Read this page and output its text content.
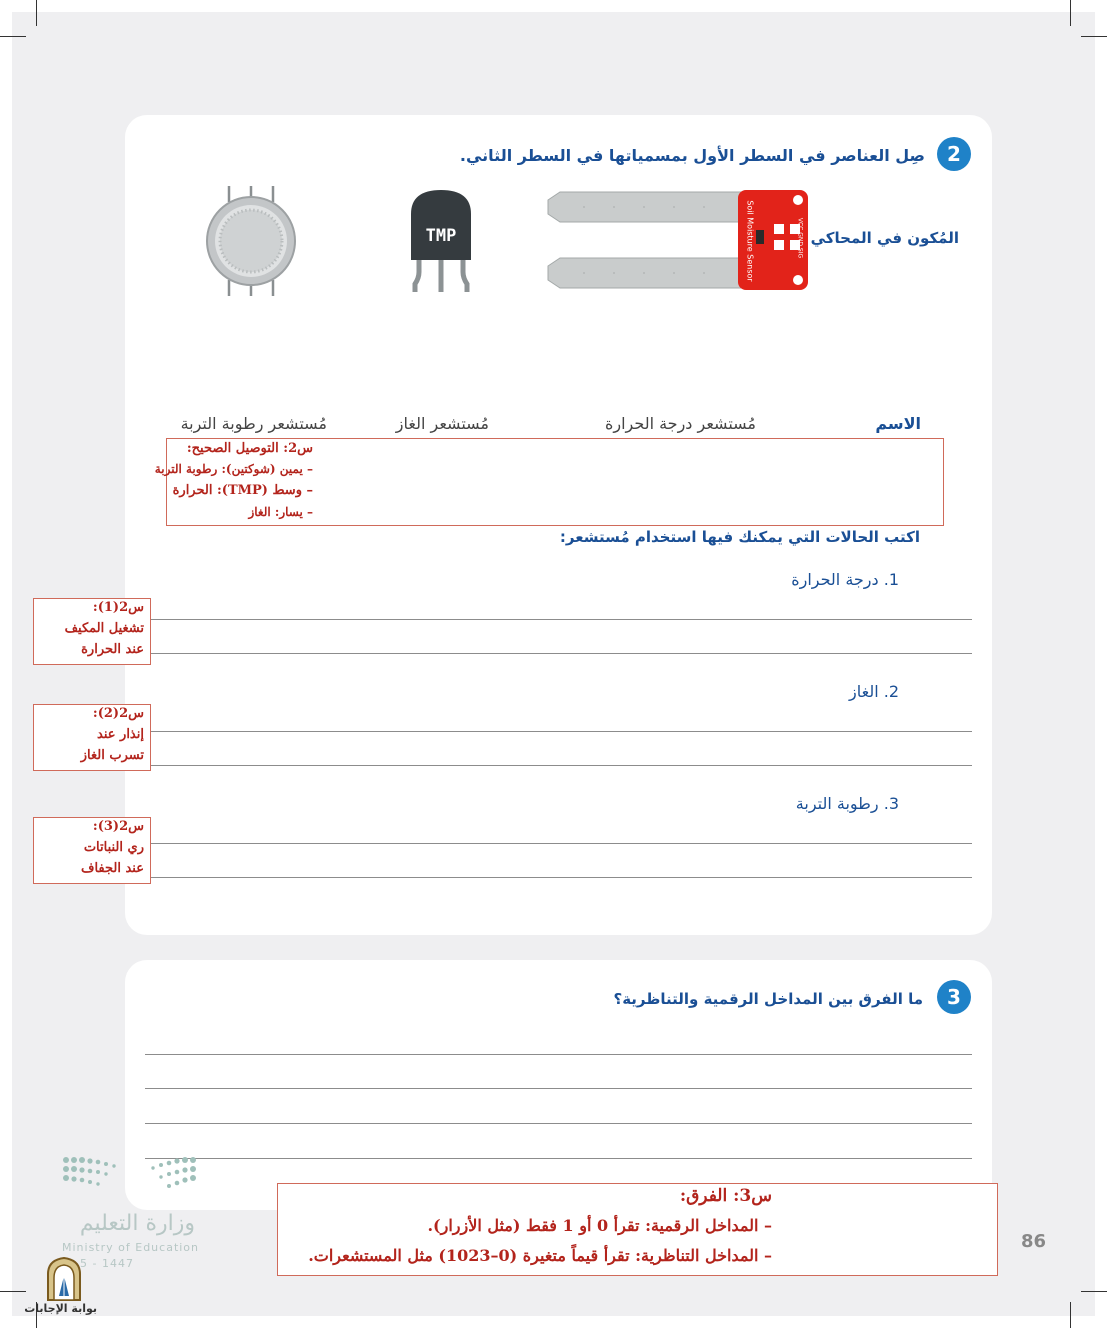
2
صِل العناصر في السطر الأول بمسمياتها في السطر الثاني.
المُكون في المحاكي
Soil Moisture Sensor	VCC GND SIG
TMP
الاسم
مُستشعر درجة الحرارة
مُستشعر الغاز
مُستشعر رطوبة التربة
س2: التوصيل الصحيح:
– يمين (شوكتين): رطوبة التربة
– وسط (TMP): الحرارة
– يسار: الغاز
اكتب الحالات التي يمكنك فيها استخدام مُستشعر:
1. درجة الحرارة
2. الغاز
3. رطوبة التربة
س2(1):
تشغيل المكيف
عند الحرارة
س2(2):
إنذار عند
تسرب الغاز
س2(3):
ري النباتات
عند الجفاف
3
ما الفرق بين المداخل الرقمية والتناظرية؟
س3: الفرق:
– المداخل الرقمية: تقرأ 0 أو 1 فقط (مثل الأزرار).
– المداخل التناظرية: تقرأ قيماً متغيرة (0–1023) مثل المستشعرات.
86
وزارة التعليم
Ministry of Education
5 - 1447
بوابة الإجابات
